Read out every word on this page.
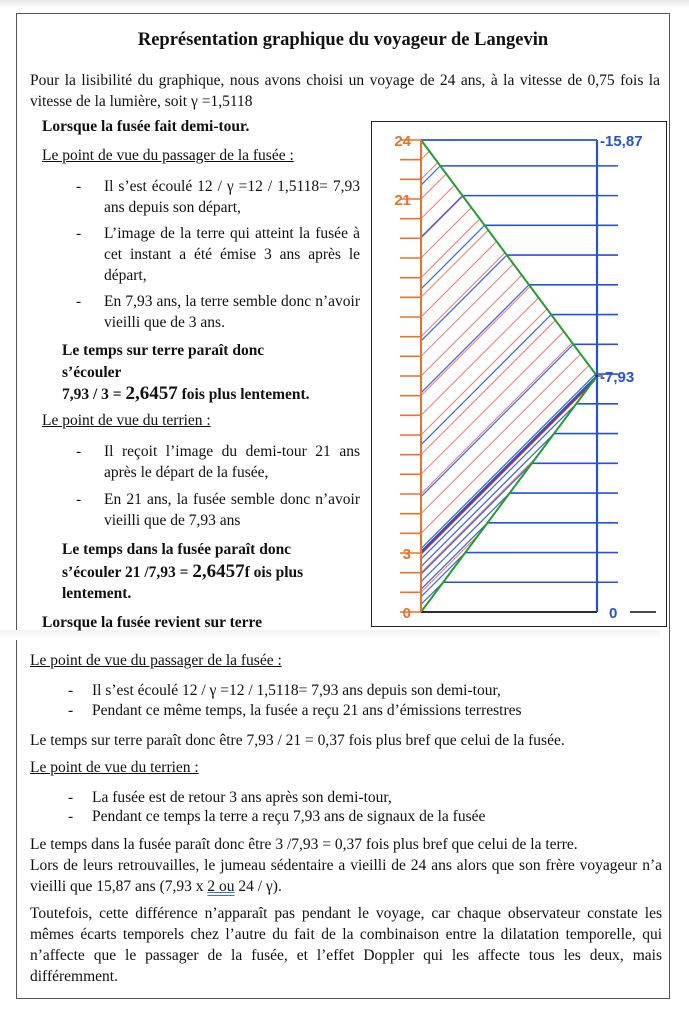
Représentation graphique du voyageur de Langevin
Pour la lisibilité du graphique, nous avons choisi un voyage de 24 ans, à la vitesse de 0,75 fois la vitesse de la lumière, soit γ =1,5118
Lorsque la fusée fait demi-tour.
Le point de vue du passager de la fusée :
- Il s’est écoulé 12 / γ =12 / 1,5118= 7,93 ans depuis son départ,
- L’image de la terre qui atteint la fusée à cet instant a été émise 3 ans après le départ,
- En 7,93 ans, la terre semble donc n’avoir vieilli que de 3 ans.
Le temps sur terre paraît donc
s’écouler
7,93 / 3 = 2,6457 fois plus lentement.
Le point de vue du terrien :
- Il reçoit l’image du demi-tour 21 ans après le départ de la fusée,
- En 21 ans, la fusée semble donc n’avoir vieilli que de 7,93 ans
Le temps dans la fusée paraît donc
s’écouler 21 /7,93 = 2,6457f ois plus
lentement.
Lorsque la fusée revient sur terre
Le point de vue du passager de la fusée :
- Il s’est écoulé 12 / γ =12 / 1,5118= 7,93 ans depuis son demi-tour,
- Pendant ce même temps, la fusée a reçu 21 ans d’émissions terrestres
Le temps sur terre paraît donc être 7,93 / 21 = 0,37 fois plus bref que celui de la fusée.
Le point de vue du terrien :
- La fusée est de retour 3 ans après son demi-tour,
- Pendant ce temps la terre a reçu 7,93 ans de signaux de la fusée
Le temps dans la fusée paraît donc être 3 /7,93 = 0,37 fois plus bref que celui de la terre.
Lors de leurs retrouvailles, le jumeau sédentaire a vieilli de 24 ans alors que son frère voyageur n’a vieilli que 15,87 ans (7,93 x 2 ou 24 / γ).
Toutefois, cette différence n’apparaît pas pendant le voyage, car chaque observateur constate les mêmes écarts temporels chez l’autre du fait de la combinaison entre la dilatation temporelle, qui n’affecte que le passager de la fusée, et l’effet Doppler qui les affecte tous les deux, mais différemment.
0
3
21
24
0
-7,93
-15,87
